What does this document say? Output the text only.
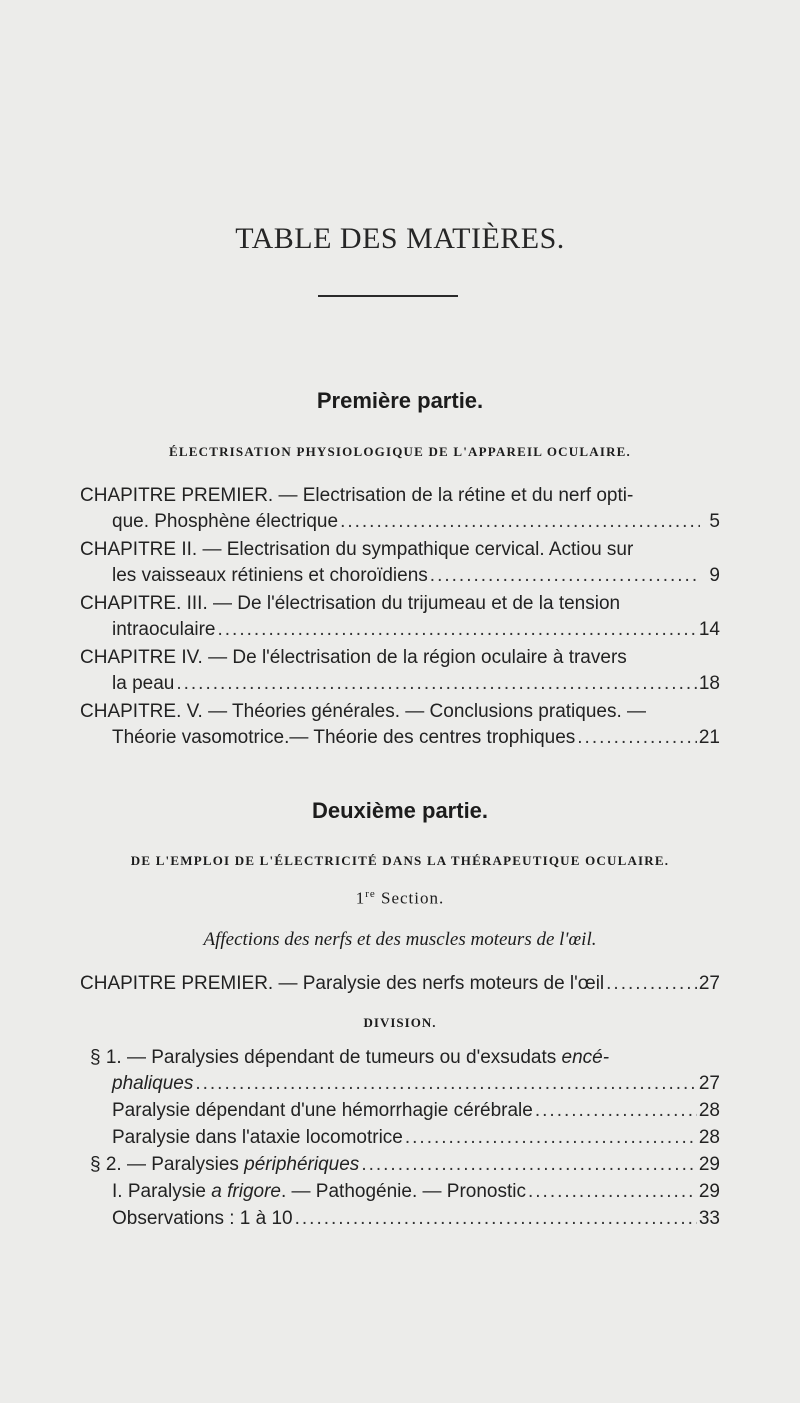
TABLE DES MATIÈRES.
Première partie.
ÉLECTRISATION PHYSIOLOGIQUE DE L'APPAREIL OCULAIRE.
CHAPITRE PREMIER. — Electrisation de la rétine et du nerf opti-
que. Phosphène électrique .....	5
CHAPITRE II. — Electrisation du sympathique cervical. Actiou sur
les vaisseaux rétiniens et choroïdiens .....	9
CHAPITRE. III. — De l'électrisation du trijumeau et de la tension
intraoculaire .....	14
CHAPITRE IV. — De l'électrisation de la région oculaire à travers
la peau .....	18
CHAPITRE. V. — Théories générales. — Conclusions pratiques. —
Théorie vasomotrice.— Théorie des centres trophiques .....	21
Deuxième partie.
DE L'EMPLOI DE L'ÉLECTRICITÉ DANS LA THÉRAPEUTIQUE OCULAIRE.
1re Section.
Affections des nerfs et des muscles moteurs de l'œil.
CHAPITRE PREMIER. — Paralysie des nerfs moteurs de l'œil .....	27
DIVISION.
§ 1. — Paralysies dépendant de tumeurs ou d'exsudats encé-
phaliques .....	27
Paralysie dépendant d'une hémorrhagie cérébrale .....	28
Paralysie dans l'ataxie locomotrice .....	28
§ 2. — Paralysies périphériques .....	29
I. Paralysie a frigore. — Pathogénie. — Pronostic .....	29
Observations : 1 à 10 .....	33
